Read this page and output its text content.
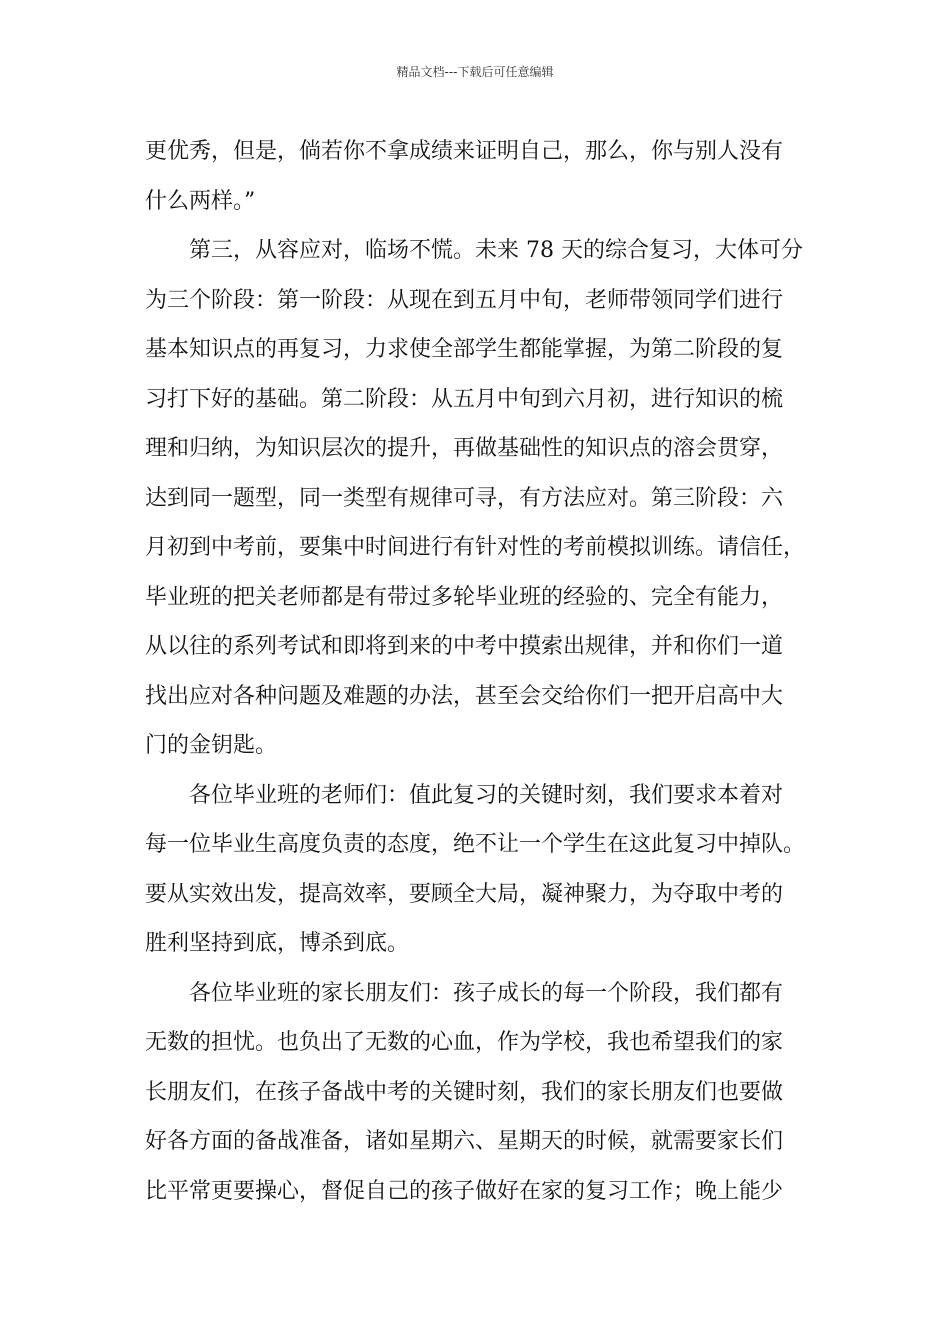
精品文档---下载后可任意编辑
更优秀，但是，倘若你不拿成绩来证明自己，那么，你与别人没有
什么两样。”
第三，从容应对，临场不慌。未来 78 天的综合复习，大体可分
为三个阶段：第一阶段：从现在到五月中旬，老师带领同学们进行
基本知识点的再复习，力求使全部学生都能掌握，为第二阶段的复
习打下好的基础。第二阶段：从五月中旬到六月初，进行知识的梳
理和归纳，为知识层次的提升，再做基础性的知识点的溶会贯穿，
达到同一题型，同一类型有规律可寻，有方法应对。第三阶段：六
月初到中考前，要集中时间进行有针对性的考前模拟训练。请信任，
毕业班的把关老师都是有带过多轮毕业班的经验的、完全有能力，
从以往的系列考试和即将到来的中考中摸索出规律，并和你们一道
找出应对各种问题及难题的办法，甚至会交给你们一把开启高中大
门的金钥匙。
各位毕业班的老师们：值此复习的关键时刻，我们要求本着对
每一位毕业生高度负责的态度，绝不让一个学生在这此复习中掉队。
要从实效出发，提高效率，要顾全大局，凝神聚力，为夺取中考的
胜利坚持到底，博杀到底。
各位毕业班的家长朋友们：孩子成长的每一个阶段，我们都有
无数的担忧。也负出了无数的心血，作为学校，我也希望我们的家
长朋友们，在孩子备战中考的关键时刻，我们的家长朋友们也要做
好各方面的备战准备，诸如星期六、星期天的时候，就需要家长们
比平常更要操心，督促自己的孩子做好在家的复习工作；晚上能少
